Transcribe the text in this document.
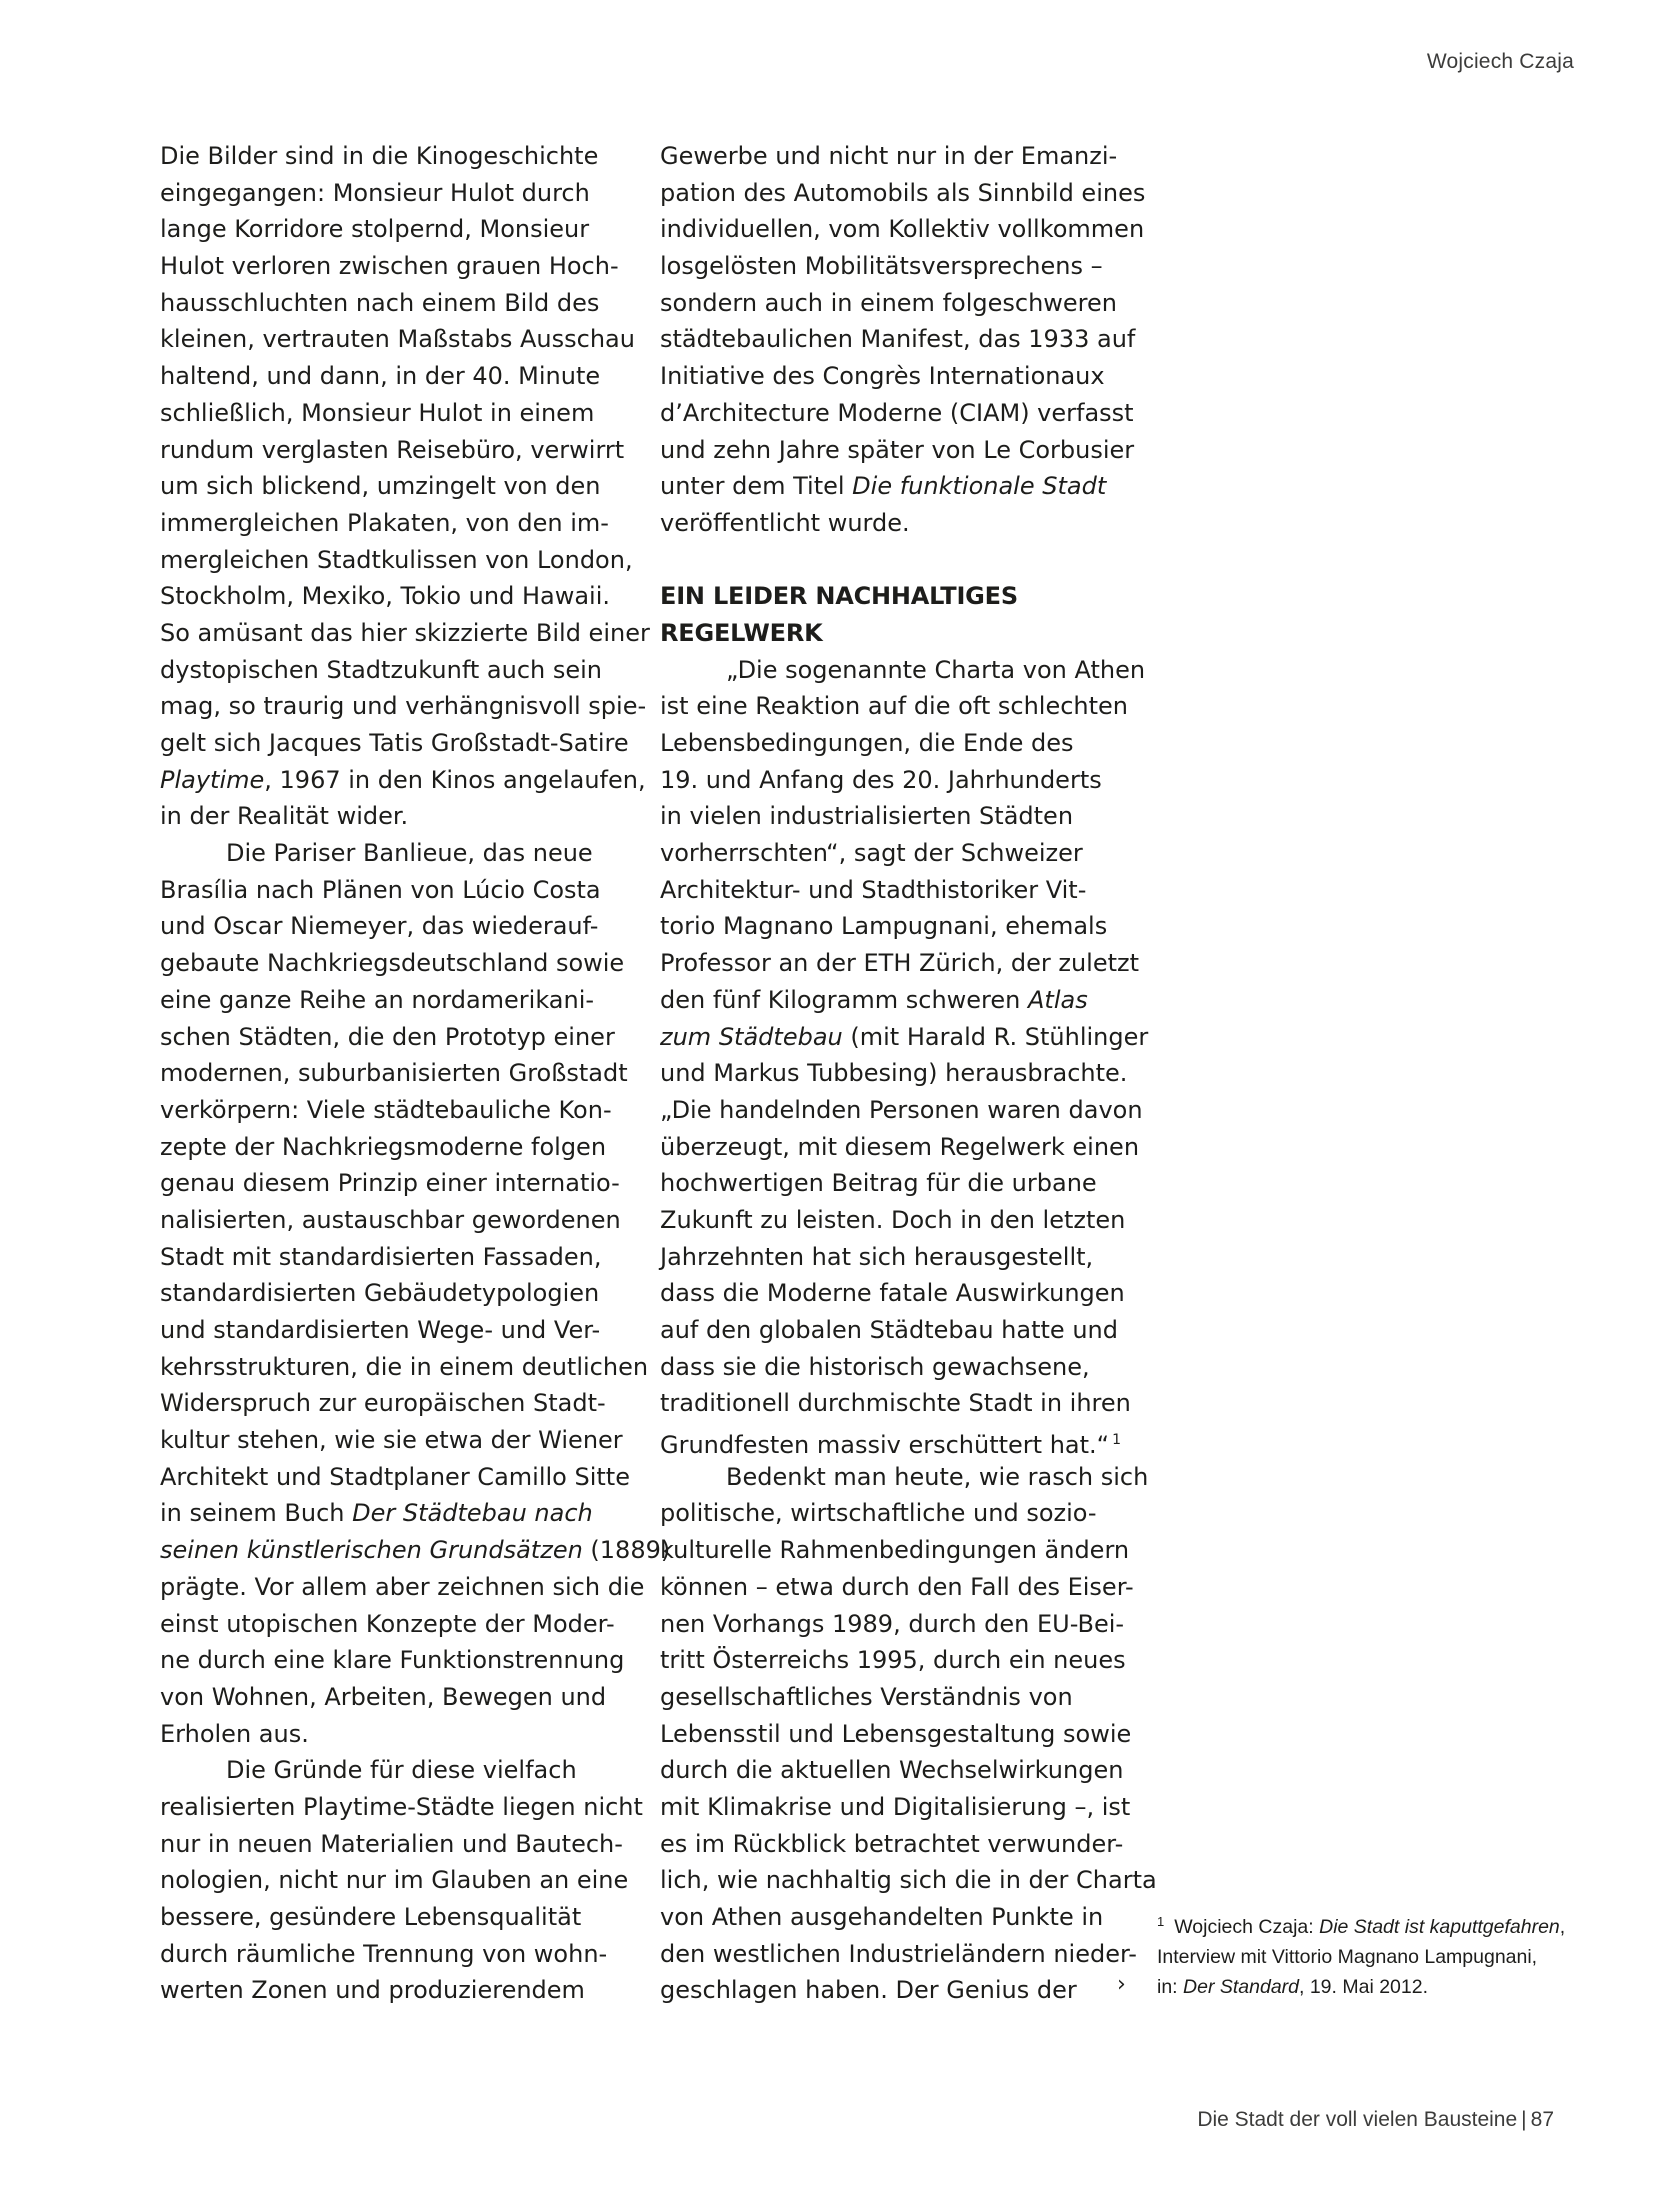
Wojciech Czaja
Die Bilder sind in die Kinogeschichte
eingegangen: Monsieur Hulot durch
lange Korridore stolpernd, Monsieur
Hulot verloren zwischen grauen Hoch-
hausschluchten nach einem Bild des
kleinen, vertrauten Maßstabs Ausschau
haltend, und dann, in der 40. Minute
schließlich, Monsieur Hulot in einem
rundum verglasten Reisebüro, verwirrt
um sich blickend, umzingelt von den
immergleichen Plakaten, von den im-
mergleichen Stadtkulissen von London,
Stockholm, Mexiko, Tokio und Hawaii.
So amüsant das hier skizzierte Bild einer
dystopischen Stadtzukunft auch sein
mag, so traurig und verhängnisvoll spie-
gelt sich Jacques Tatis Großstadt-Satire
Playtime, 1967 in den Kinos angelaufen,
in der Realität wider.
Die Pariser Banlieue, das neue
Brasília nach Plänen von Lúcio Costa
und Oscar Niemeyer, das wiederauf-
gebaute Nachkriegsdeutschland sowie
eine ganze Reihe an nordamerikani-
schen Städten, die den Prototyp einer
modernen, suburbanisierten Großstadt
verkörpern: Viele städtebauliche Kon-
zepte der Nachkriegsmoderne folgen
genau diesem Prinzip einer internatio-
nalisierten, austauschbar gewordenen
Stadt mit standardisierten Fassaden,
standardisierten Gebäudetypologien
und standardisierten Wege- und Ver-
kehrsstrukturen, die in einem deutlichen
Widerspruch zur europäischen Stadt-
kultur stehen, wie sie etwa der Wiener
Architekt und Stadtplaner Camillo Sitte
in seinem Buch Der Städtebau nach
seinen künstlerischen Grundsätzen (1889)
prägte. Vor allem aber zeichnen sich die
einst utopischen Konzepte der Moder-
ne durch eine klare Funktionstrennung
von Wohnen, Arbeiten, Bewegen und
Erholen aus.
Die Gründe für diese vielfach
realisierten Playtime-Städte liegen nicht
nur in neuen Materialien und Bautech-
nologien, nicht nur im Glauben an eine
bessere, gesündere Lebensqualität
durch räumliche Trennung von wohn-
werten Zonen und produzierendem
Gewerbe und nicht nur in der Emanzi-
pation des Automobils als Sinnbild eines
individuellen, vom Kollektiv vollkommen
losgelösten Mobilitätsversprechens –
sondern auch in einem folgeschweren
städtebaulichen Manifest, das 1933 auf
Initiative des Congrès Internationaux
d’Architecture Moderne (CIAM) verfasst
und zehn Jahre später von Le Corbusier
unter dem Titel Die funktionale Stadt
veröffentlicht wurde.
EIN LEIDER NACHHALTIGES
REGELWERK
„Die sogenannte Charta von Athen
ist eine Reaktion auf die oft schlechten
Lebensbedingungen, die Ende des
19. und Anfang des 20. Jahrhunderts
in vielen industrialisierten Städten
vorherrschten“, sagt der Schweizer
Architektur- und Stadthistoriker Vit-
torio Magnano Lampugnani, ehemals
Professor an der ETH Zürich, der zuletzt
den fünf Kilogramm schweren Atlas
zum Städtebau (mit Harald R. Stühlinger
und Markus Tubbesing) herausbrachte.
„Die handelnden Personen waren davon
überzeugt, mit diesem Regelwerk einen
hochwertigen Beitrag für die urbane
Zukunft zu leisten. Doch in den letzten
Jahrzehnten hat sich herausgestellt,
dass die Moderne fatale Auswirkungen
auf den globalen Städtebau hatte und
dass sie die historisch gewachsene,
traditionell durchmischte Stadt in ihren
Grundfesten massiv erschüttert hat.“ $^1$
Bedenkt man heute, wie rasch sich
politische, wirtschaftliche und sozio-
kulturelle Rahmenbedingungen ändern
können – etwa durch den Fall des Eiser-
nen Vorhangs 1989, durch den EU-Bei-
tritt Österreichs 1995, durch ein neues
gesellschaftliches Verständnis von
Lebensstil und Lebensgestaltung sowie
durch die aktuellen Wechselwirkungen
mit Klimakrise und Digitalisierung –, ist
es im Rückblick betrachtet verwunder-
lich, wie nachhaltig sich die in der Charta
von Athen ausgehandelten Punkte in
den westlichen Industrieländern nieder-
geschlagen haben. Der Genius der	›
$^1$ Wojciech Czaja: Die Stadt ist kaputtgefahren,
Interview mit Vittorio Magnano Lampugnani,
in: Der Standard, 19. Mai 2012.
Die Stadt der voll vielen Bausteine | 87
